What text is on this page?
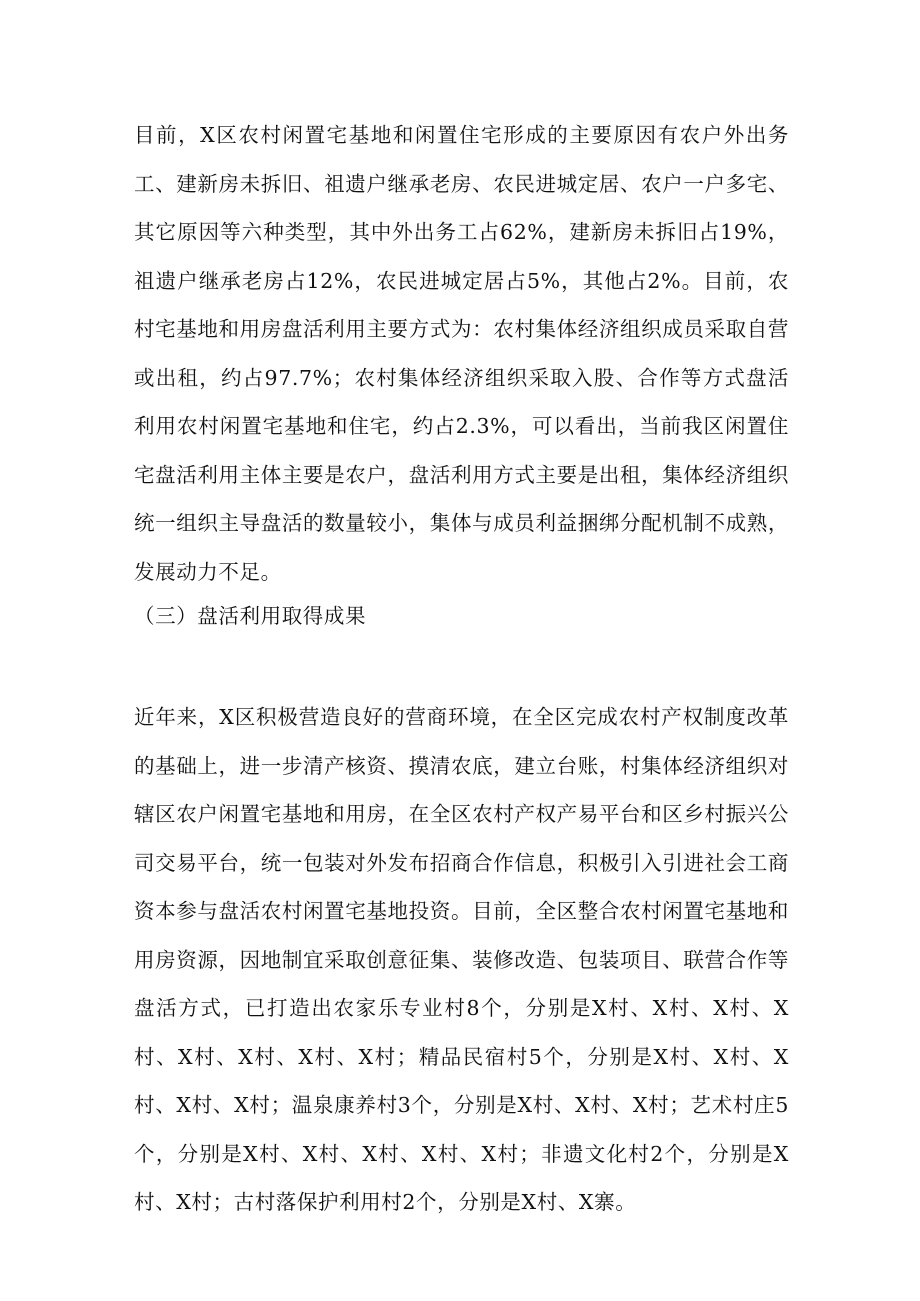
目前，X区农村闲置宅基地和闲置住宅形成的主要原因有农户外出务工、建新房未拆旧、祖遗户继承老房、农民进城定居、农户一户多宅、其它原因等六种类型，其中外出务工占62%，建新房未拆旧占19%，祖遗户继承老房占12%，农民进城定居占5%，其他占2%。目前，农村宅基地和用房盘活利用主要方式为：农村集体经济组织成员采取自营或出租，约占97.7%；农村集体经济组织采取入股、合作等方式盘活利用农村闲置宅基地和住宅，约占2.3%，可以看出，当前我区闲置住宅盘活利用主体主要是农户，盘活利用方式主要是出租，集体经济组织统一组织主导盘活的数量较小，集体与成员利益捆绑分配机制不成熟，发展动力不足。

（三）盘活利用取得成果

近年来，X区积极营造良好的营商环境，在全区完成农村产权制度改革的基础上，进一步清产核资、摸清农底，建立台账，村集体经济组织对辖区农户闲置宅基地和用房，在全区农村产权产易平台和区乡村振兴公司交易平台，统一包装对外发布招商合作信息，积极引入引进社会工商资本参与盘活农村闲置宅基地投资。目前，全区整合农村闲置宅基地和用房资源，因地制宜采取创意征集、装修改造、包装项目、联营合作等盘活方式，已打造出农家乐专业村8个，分别是X村、X村、X村、X村、X村、X村、X村、X村；精品民宿村5个，分别是X村、X村、X村、X村、X村；温泉康养村3个，分别是X村、X村、X村；艺术村庄5个，分别是X村、X村、X村、X村、X村；非遗文化村2个，分别是X村、X村；古村落保护利用村2个，分别是X村、X寨。
